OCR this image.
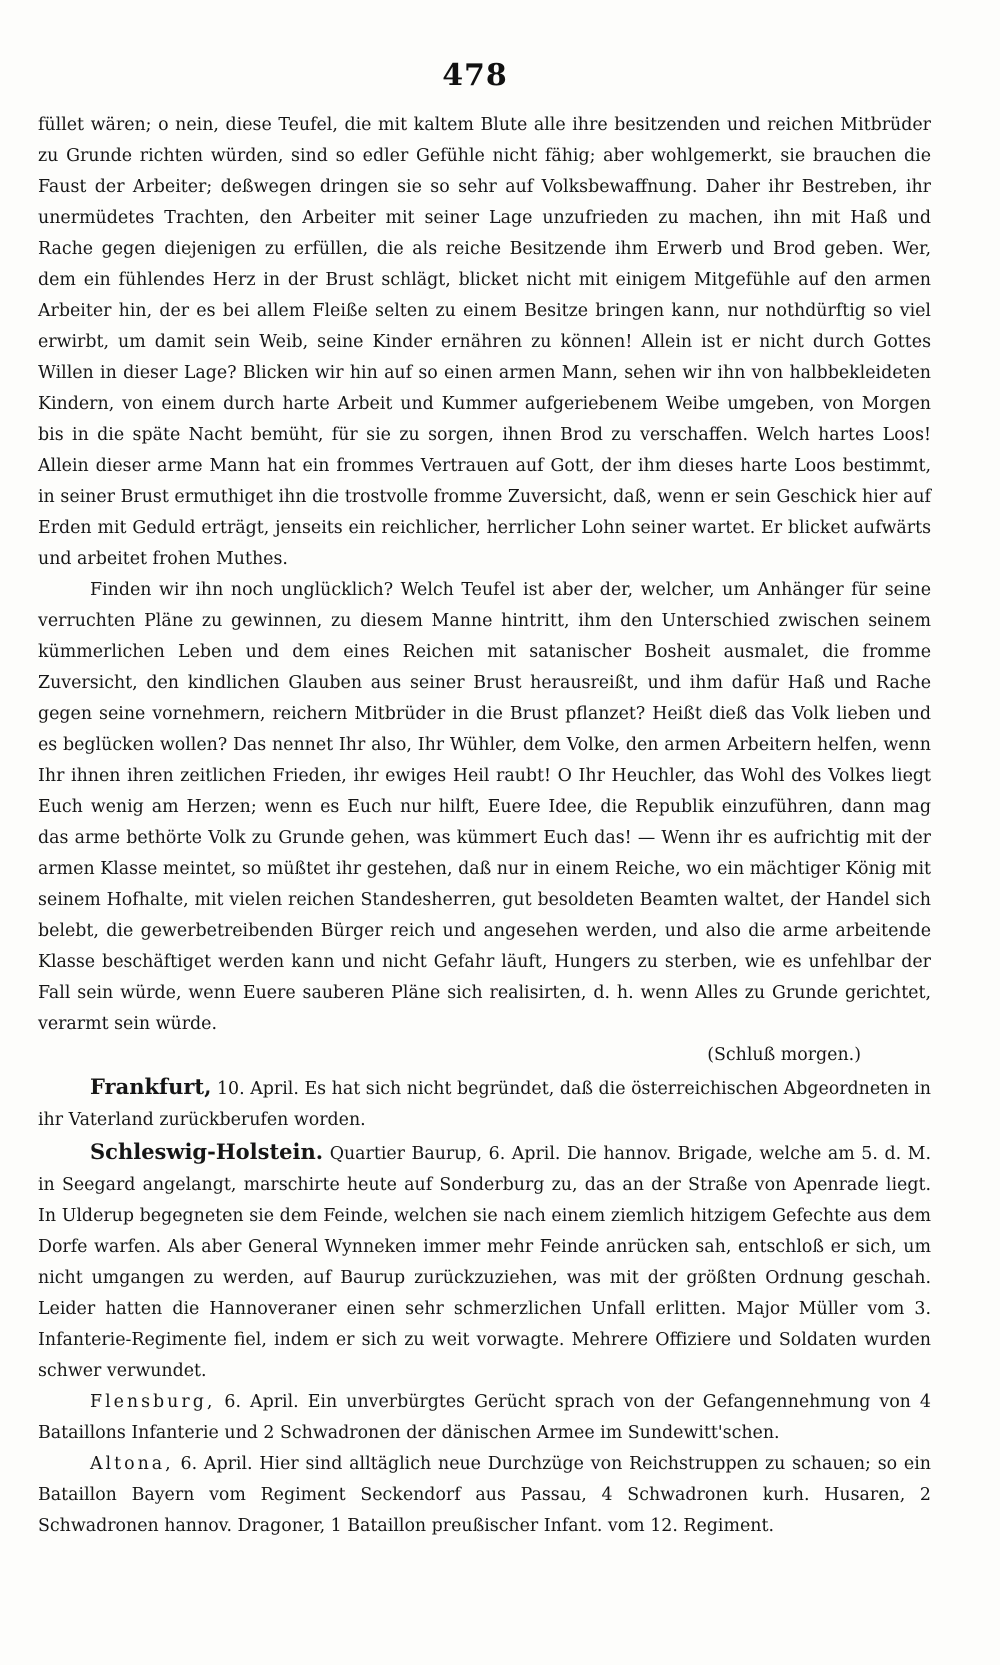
478

füllet wären; o nein, diese Teufel, die mit kaltem Blute alle ihre besitzenden und reichen Mitbrüder zu Grunde richten würden, sind so edler Gefühle nicht fähig; aber wohlgemerkt, sie brauchen die Faust der Arbeiter; deßwegen dringen sie so sehr auf Volksbewaffnung. Daher ihr Bestreben, ihr unermüdetes Trachten, den Arbeiter mit seiner Lage unzufrieden zu machen, ihn mit Haß und Rache gegen diejenigen zu erfüllen, die als reiche Besitzende ihm Erwerb und Brod geben. Wer, dem ein fühlendes Herz in der Brust schlägt, blicket nicht mit einigem Mitgefühle auf den armen Arbeiter hin, der es bei allem Fleiße selten zu einem Besitze bringen kann, nur nothdürftig so viel erwirbt, um damit sein Weib, seine Kinder ernähren zu können! Allein ist er nicht durch Gottes Willen in dieser Lage? Blicken wir hin auf so einen armen Mann, sehen wir ihn von halbbekleideten Kindern, von einem durch harte Arbeit und Kummer aufgeriebenem Weibe umgeben, von Morgen bis in die späte Nacht bemüht, für sie zu sorgen, ihnen Brod zu verschaffen. Welch hartes Loos! Allein dieser arme Mann hat ein frommes Vertrauen auf Gott, der ihm dieses harte Loos bestimmt, in seiner Brust ermuthiget ihn die trostvolle fromme Zuversicht, daß, wenn er sein Geschick hier auf Erden mit Geduld erträgt, jenseits ein reichlicher, herrlicher Lohn seiner wartet. Er blicket aufwärts und arbeitet frohen Muthes.

Finden wir ihn noch unglücklich? Welch Teufel ist aber der, welcher, um Anhänger für seine verruchten Pläne zu gewinnen, zu diesem Manne hintritt, ihm den Unterschied zwischen seinem kümmerlichen Leben und dem eines Reichen mit satanischer Bosheit ausmalet, die fromme Zuversicht, den kindlichen Glauben aus seiner Brust herausreißt, und ihm dafür Haß und Rache gegen seine vornehmern, reichern Mitbrüder in die Brust pflanzet? Heißt dieß das Volk lieben und es beglücken wollen? Das nennet Ihr also, Ihr Wühler, dem Volke, den armen Arbeitern helfen, wenn Ihr ihnen ihren zeitlichen Frieden, ihr ewiges Heil raubt! O Ihr Heuchler, das Wohl des Volkes liegt Euch wenig am Herzen; wenn es Euch nur hilft, Euere Idee, die Republik einzuführen, dann mag das arme bethörte Volk zu Grunde gehen, was kümmert Euch das! — Wenn ihr es aufrichtig mit der armen Klasse meintet, so müßtet ihr gestehen, daß nur in einem Reiche, wo ein mächtiger König mit seinem Hofhalte, mit vielen reichen Standesherren, gut besoldeten Beamten waltet, der Handel sich belebt, die gewerbetreibenden Bürger reich und angesehen werden, und also die arme arbeitende Klasse beschäftiget werden kann und nicht Gefahr läuft, Hungers zu sterben, wie es unfehlbar der Fall sein würde, wenn Euere sauberen Pläne sich realisirten, d. h. wenn Alles zu Grunde gerichtet, verarmt sein würde.

(Schluß morgen.)

Frankfurt, 10. April. Es hat sich nicht begründet, daß die österreichischen Abgeordneten in ihr Vaterland zurückberufen worden.

Schleswig-Holstein. Quartier Baurup, 6. April. Die hannov. Brigade, welche am 5. d. M. in Seegard angelangt, marschirte heute auf Sonderburg zu, das an der Straße von Apenrade liegt. In Ulderup begegneten sie dem Feinde, welchen sie nach einem ziemlich hitzigem Gefechte aus dem Dorfe warfen. Als aber General Wynneken immer mehr Feinde anrücken sah, entschloß er sich, um nicht umgangen zu werden, auf Baurup zurückzuziehen, was mit der größten Ordnung geschah. Leider hatten die Hannoveraner einen sehr schmerzlichen Unfall erlitten. Major Müller vom 3. Infanterie-Regimente fiel, indem er sich zu weit vorwagte. Mehrere Offiziere und Soldaten wurden schwer verwundet.

Flensburg, 6. April. Ein unverbürgtes Gerücht sprach von der Gefangennehmung von 4 Bataillons Infanterie und 2 Schwadronen der dänischen Armee im Sundewitt'schen.

Altona, 6. April. Hier sind alltäglich neue Durchzüge von Reichstruppen zu schauen; so ein Bataillon Bayern vom Regiment Seckendorf aus Passau, 4 Schwadronen kurh. Husaren, 2 Schwadronen hannov. Dragoner, 1 Bataillon preußischer Infant. vom 12. Regiment.
